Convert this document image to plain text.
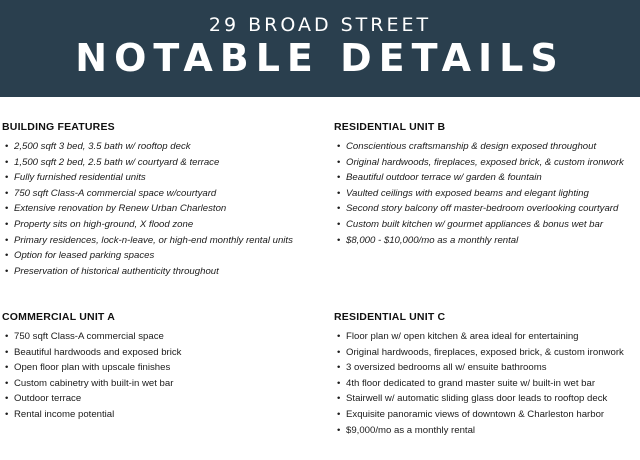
29 BROAD STREET
NOTABLE DETAILS
BUILDING FEATURES
• 2,500 sqft 3 bed, 3.5 bath w/ rooftop deck
• 1,500 sqft 2 bed, 2.5 bath w/ courtyard & terrace
• Fully furnished residential units
• 750 sqft Class-A commercial space w/courtyard
• Extensive renovation by Renew Urban Charleston
• Property sits on high-ground, X flood zone
• Primary residences, lock-n-leave, or high-end monthly rental units
• Option for leased parking spaces
• Preservation of historical authenticity throughout
RESIDENTIAL UNIT B
• Conscientious craftsmanship & design exposed throughout
• Original hardwoods, fireplaces, exposed brick, & custom ironwork
• Beautiful outdoor terrace w/ garden & fountain
• Vaulted ceilings with exposed beams and elegant lighting
• Second story balcony off master-bedroom overlooking courtyard
• Custom built kitchen w/ gourmet appliances & bonus wet bar
• $8,000 - $10,000/mo as a monthly rental
COMMERCIAL UNIT A
• 750 sqft Class-A commercial space
• Beautiful hardwoods and exposed brick
• Open floor plan with upscale finishes
• Custom cabinetry with built-in wet bar
• Outdoor terrace
• Rental income potential
RESIDENTIAL UNIT C
• Floor plan w/ open kitchen & area ideal for entertaining
• Original hardwoods, fireplaces, exposed brick, & custom ironwork
• 3 oversized bedrooms all w/ ensuite bathrooms
• 4th floor dedicated to grand master suite w/ built-in wet bar
• Stairwell w/ automatic sliding glass door leads to rooftop deck
• Exquisite panoramic views of downtown & Charleston harbor
• $9,000/mo as a monthly rental
